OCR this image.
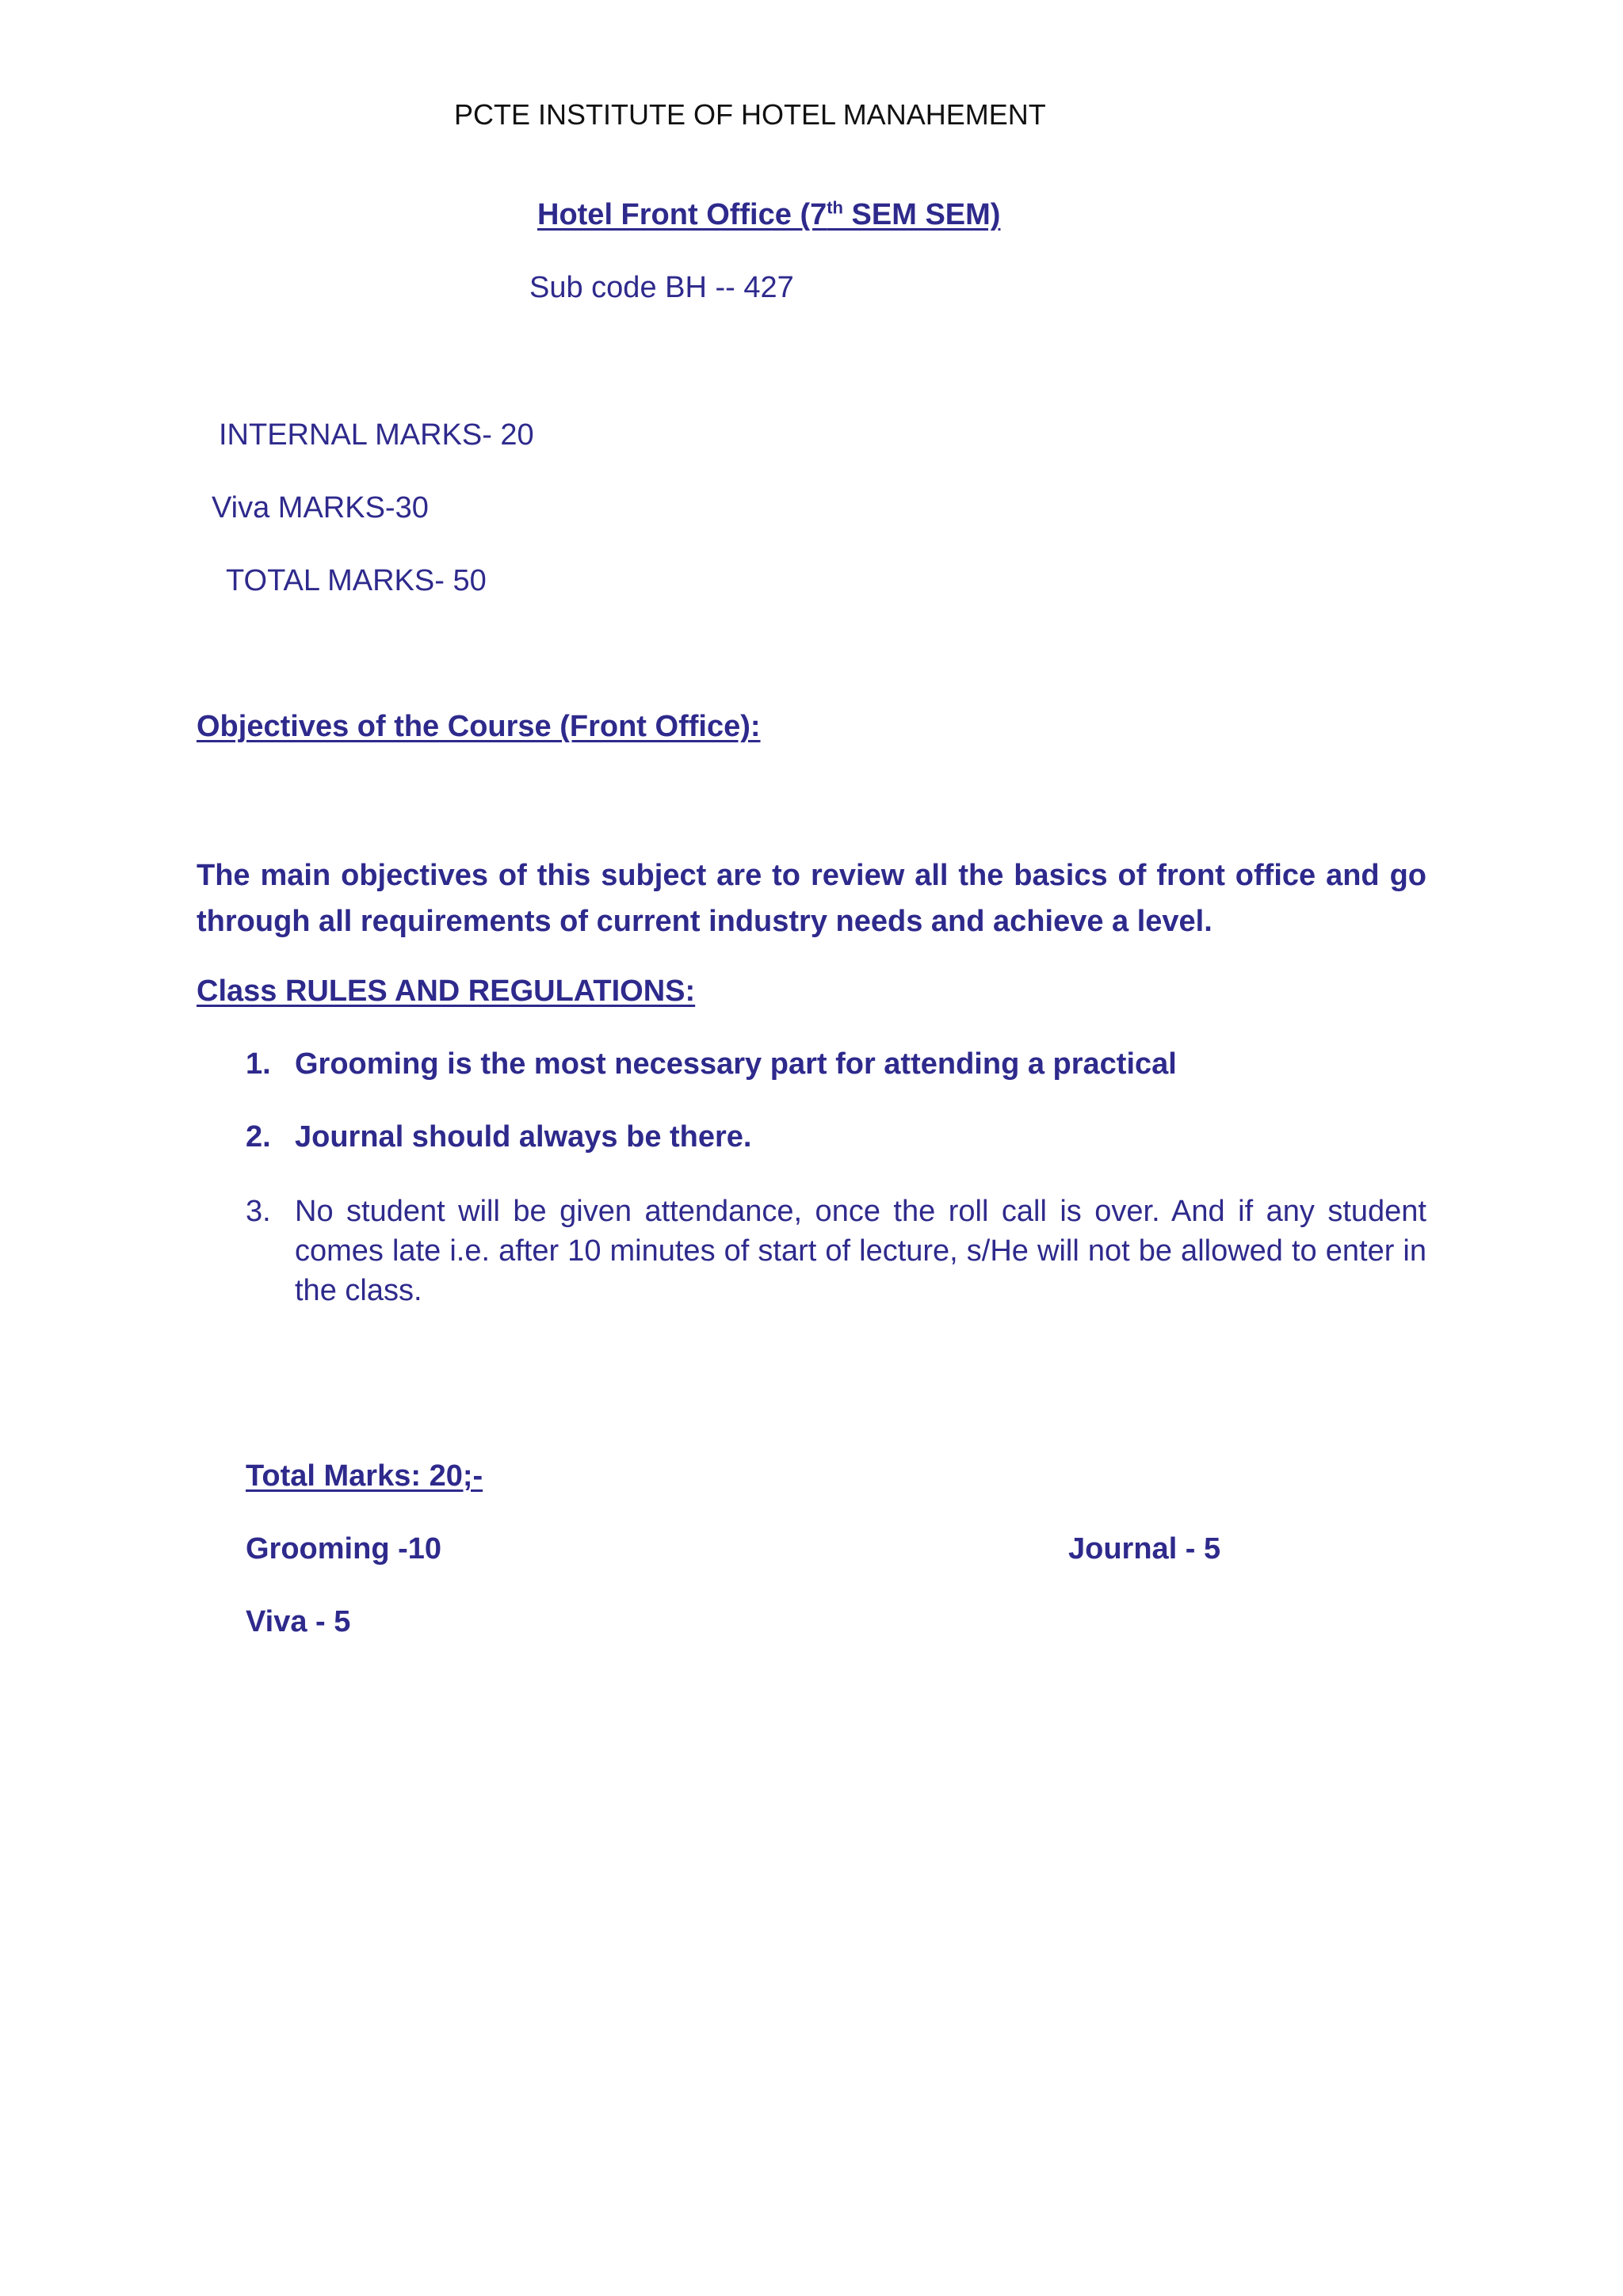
PCTE INSTITUTE OF HOTEL MANAHEMENT
Hotel Front Office (7th SEM SEM)
Sub code BH -- 427
INTERNAL MARKS- 20
Viva MARKS-30
TOTAL MARKS- 50
Objectives of the Course (Front Office):
The main objectives of this subject are to review all the basics of front office and go through all requirements of current industry needs and achieve a level.
Class RULES AND REGULATIONS:
1. Grooming is the most necessary part for attending a practical
2. Journal should always be there.
3. No student will be given attendance, once the roll call is over. And if any student comes late i.e. after 10 minutes of start of lecture, s/He will not be allowed to enter in the class.
Total Marks: 20;-
Grooming -10	Journal - 5
Viva - 5
